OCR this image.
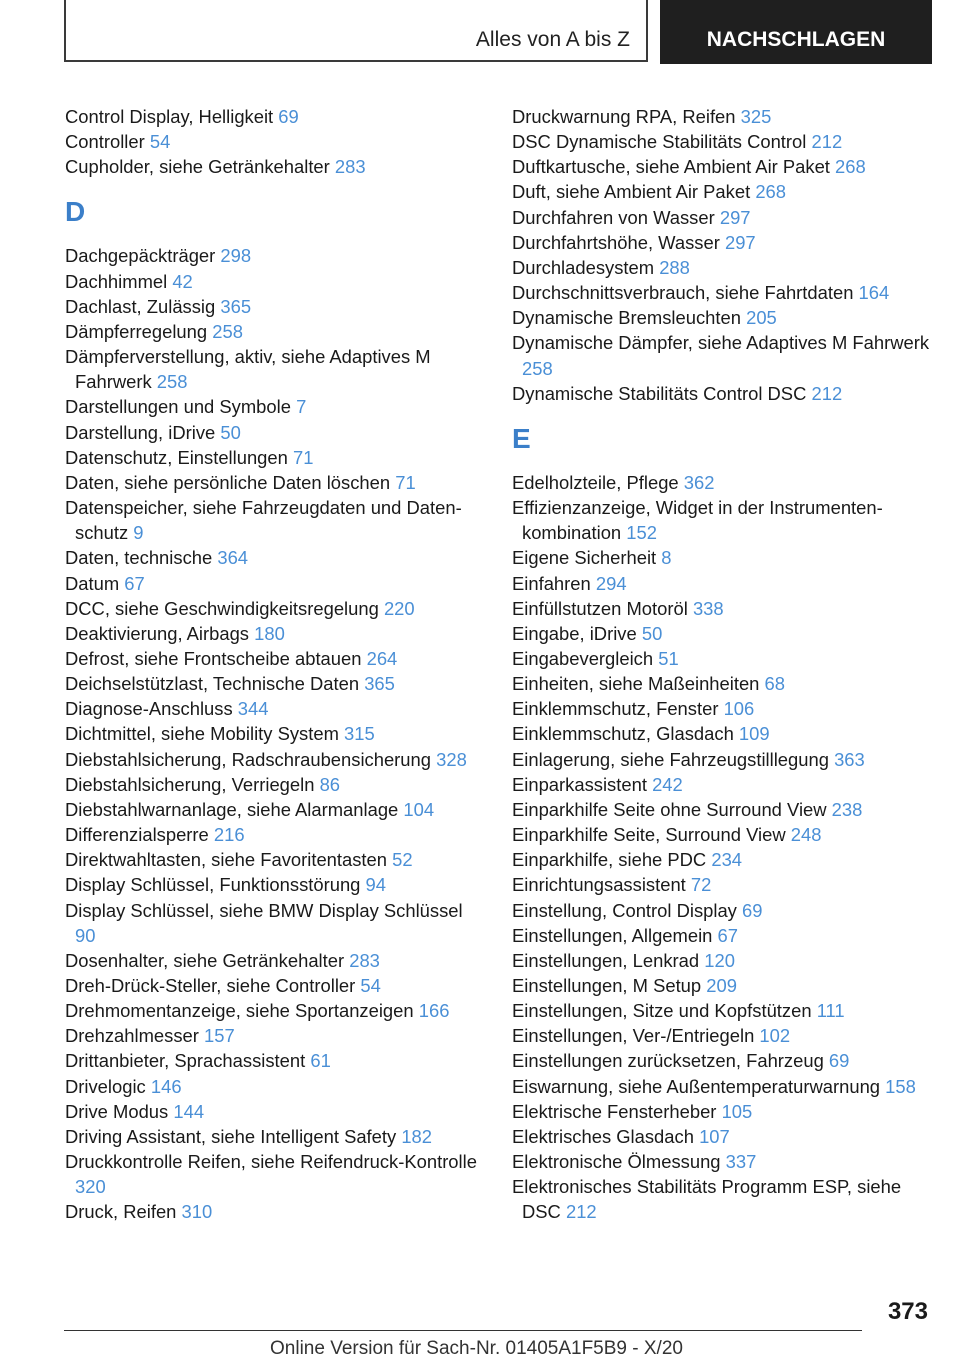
Alles von A bis Z	NACHSCHLAGEN
Control Display, Helligkeit 69
Controller 54
Cupholder, siehe Getränkehalter 283
D
Dachgepäckträger 298
Dachhimmel 42
Dachlast, Zulässig 365
Dämpferregelung 258
Dämpferverstellung, aktiv, siehe Adaptives M Fahrwerk 258
Darstellungen und Symbole 7
Darstellung, iDrive 50
Datenschutz, Einstellungen 71
Daten, siehe persönliche Daten löschen 71
Datenspeicher, siehe Fahrzeugdaten und Datenschutz 9
Daten, technische 364
Datum 67
DCC, siehe Geschwindigkeitsregelung 220
Deaktivierung, Airbags 180
Defrost, siehe Frontscheibe abtauen 264
Deichselstützlast, Technische Daten 365
Diagnose-Anschluss 344
Dichtmittel, siehe Mobility System 315
Diebstahlsicherung, Radschraubensicherung 328
Diebstahlsicherung, Verriegeln 86
Diebstahlwarnanlage, siehe Alarmanlage 104
Differenzialsperre 216
Direktwahltasten, siehe Favoritentasten 52
Display Schlüssel, Funktionsstörung 94
Display Schlüssel, siehe BMW Display Schlüssel 90
Dosenhalter, siehe Getränkehalter 283
Dreh-Drück-Steller, siehe Controller 54
Drehmomentanzeige, siehe Sportanzeigen 166
Drehzahlmesser 157
Drittanbieter, Sprachassistent 61
Drivelogic 146
Drive Modus 144
Driving Assistant, siehe Intelligent Safety 182
Druckkontrolle Reifen, siehe Reifendruck-Kontrolle 320
Druck, Reifen 310
Druckwarnung RPA, Reifen 325
DSC Dynamische Stabilitäts Control 212
Duftkartusche, siehe Ambient Air Paket 268
Duft, siehe Ambient Air Paket 268
Durchfahren von Wasser 297
Durchfahrtshöhe, Wasser 297
Durchladesystem 288
Durchschnittsverbrauch, siehe Fahrtdaten 164
Dynamische Bremsleuchten 205
Dynamische Dämpfer, siehe Adaptives M Fahrwerk 258
Dynamische Stabilitäts Control DSC 212
E
Edelholzteile, Pflege 362
Effizienzanzeige, Widget in der Instrumentenkombination 152
Eigene Sicherheit 8
Einfahren 294
Einfüllstutzen Motoröl 338
Eingabe, iDrive 50
Eingabevergleich 51
Einheiten, siehe Maßeinheiten 68
Einklemmschutz, Fenster 106
Einklemmschutz, Glasdach 109
Einlagerung, siehe Fahrzeugstilllegung 363
Einparkassistent 242
Einparkhilfe Seite ohne Surround View 238
Einparkhilfe Seite, Surround View 248
Einparkhilfe, siehe PDC 234
Einrichtungsassistent 72
Einstellung, Control Display 69
Einstellungen, Allgemein 67
Einstellungen, Lenkrad 120
Einstellungen, M Setup 209
Einstellungen, Sitze und Kopfstützen 111
Einstellungen, Ver-/Entriegeln 102
Einstellungen zurücksetzen, Fahrzeug 69
Eiswarnung, siehe Außentemperaturwarnung 158
Elektrische Fensterheber 105
Elektrisches Glasdach 107
Elektronische Ölmessung 337
Elektronisches Stabilitäts Programm ESP, siehe DSC 212
373
Online Version für Sach-Nr. 01405A1F5B9 - X/20
